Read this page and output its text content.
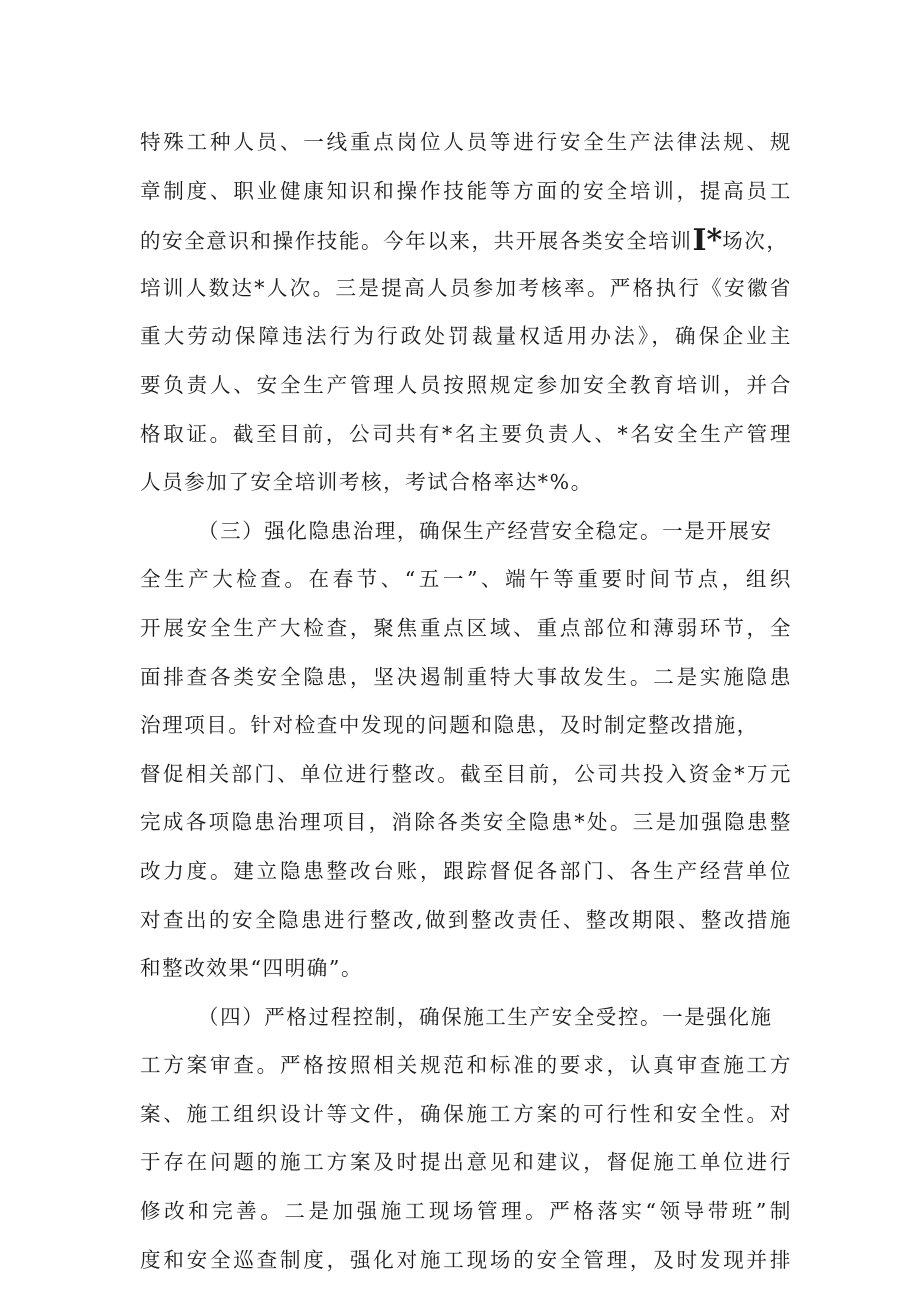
特殊工种人员、一线重点岗位人员等进行安全生产法律法规、规
章制度、职业健康知识和操作技能等方面的安全培训，提高员工
的安全意识和操作技能。今年以来，共开展各类安全培训I*场次，
培训人数达*人次。三是提高人员参加考核率。严格执行《安徽省
重大劳动保障违法行为行政处罚裁量权适用办法》，确保企业主
要负责人、安全生产管理人员按照规定参加安全教育培训，并合
格取证。截至目前，公司共有*名主要负责人、*名安全生产管理
人员参加了安全培训考核，考试合格率达*%。
（三）强化隐患治理，确保生产经营安全稳定。一是开展安
全生产大检查。在春节、“五一”、端午等重要时间节点，组织
开展安全生产大检查，聚焦重点区域、重点部位和薄弱环节，全
面排查各类安全隐患，坚决遏制重特大事故发生。二是实施隐患
治理项目。针对检查中发现的问题和隐患，及时制定整改措施，
督促相关部门、单位进行整改。截至目前，公司共投入资金*万元
完成各项隐患治理项目，消除各类安全隐患*处。三是加强隐患整
改力度。建立隐患整改台账，跟踪督促各部门、各生产经营单位
对查出的安全隐患进行整改,做到整改责任、整改期限、整改措施
和整改效果“四明确”。
（四）严格过程控制，确保施工生产安全受控。一是强化施
工方案审查。严格按照相关规范和标准的要求，认真审查施工方
案、施工组织设计等文件，确保施工方案的可行性和安全性。对
于存在问题的施工方案及时提出意见和建议，督促施工单位进行
修改和完善。二是加强施工现场管理。严格落实“领导带班”制
度和安全巡查制度，强化对施工现场的安全管理，及时发现并排
